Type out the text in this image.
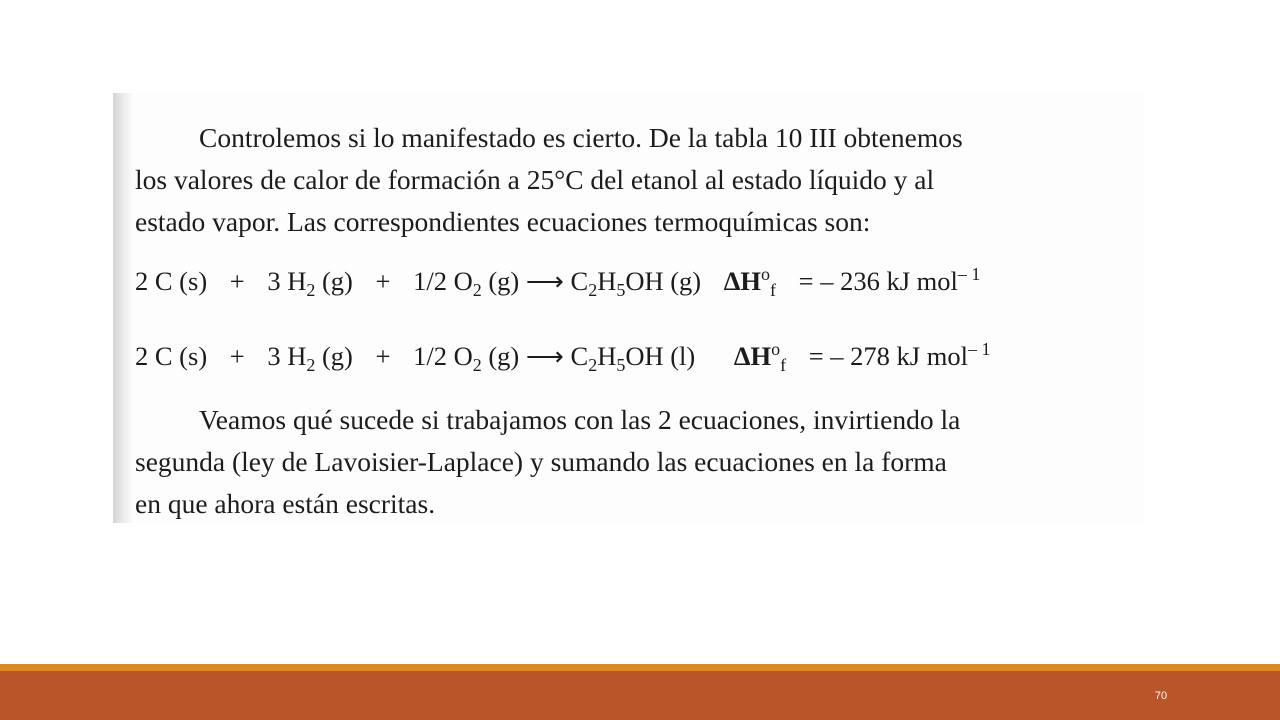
Controlemos si lo manifestado es cierto. De la tabla 10 III obtenemos
los valores de calor de formación a 25°C del etanol al estado líquido y al
estado vapor. Las correspondientes ecuaciones termoquímicas son:
2 C (s) + 3 $H_2$ (g) + 1/2 $O_2$ (g) ⟶ $C_2H_5OH$ (g) $\Delta H^o_f$ = – 236 kJ mol$^{- 1}$
2 C (s) + 3 $H_2$ (g) + 1/2 $O_2$ (g) ⟶ $C_2H_5OH$ (l) $\Delta H^o_f$ = – 278 kJ mol$^{- 1}$
Veamos qué sucede si trabajamos con las 2 ecuaciones, invirtiendo la
segunda (ley de Lavoisier-Laplace) y sumando las ecuaciones en la forma
en que ahora están escritas.
70
